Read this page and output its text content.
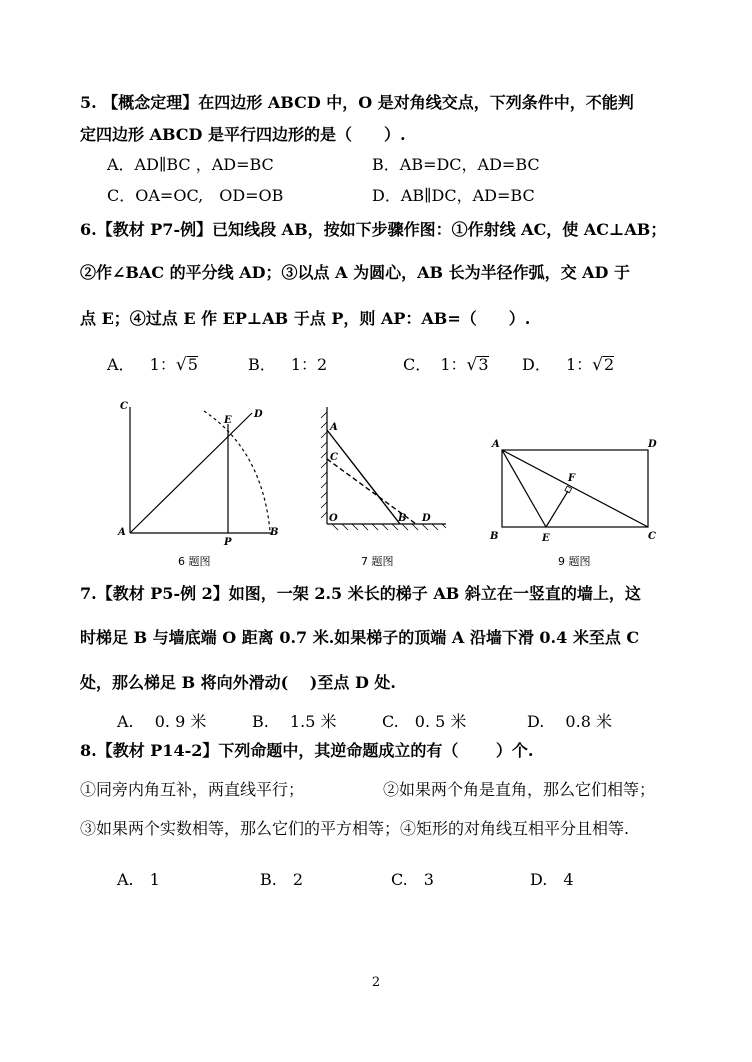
5. 【概念定理】在四边形 ABCD 中，O 是对角线交点，下列条件中，不能判
定四边形 ABCD 是平行四边形的是（　　）.
A．AD∥BC ，AD=BC	B．AB=DC，AD=BC
C．OA=OC,　OD=OB	D．AB∥DC，AD=BC
6.【教材 P7-例】已知线段 AB，按如下步骤作图：①作射线 AC，使 AC⊥AB；
②作∠BAC 的平分线 AD；③以点 A 为圆心，AB 长为半径作弧，交 AD 于
点 E；④过点 E 作 EP⊥AB 于点 P，则 AP：AB=（　　）.
A． 1：√5	B． 1：2	C． 1：√3 D． 1：√2
C
E
D
A
P
B
6 题图
A
C
O	B D
7 题图
A	D
F
B	E	C
9 题图
7.【教材 P5-例 2】如图，一架 2.5 米长的梯子 AB 斜立在一竖直的墙上，这
时梯足 B 与墙底端 O 距离 0.7 米.如果梯子的顶端 A 沿墙下滑 0.4 米至点 C
处，那么梯足 B 将向外滑动(　 )至点 D 处.
A.　 0. 9 米	B.　 1.5 米	C.　0. 5 米	D.　 0.8 米
8.【教材 P14-2】下列命题中，其逆命题成立的有（　　 ）个.
①同旁内角互补，两直线平行；	②如果两个角是直角，那么它们相等；
③如果两个实数相等，那么它们的平方相等；④矩形的对角线互相平分且相等.
A.　1	B.　2	C.　3	D.　4
2
